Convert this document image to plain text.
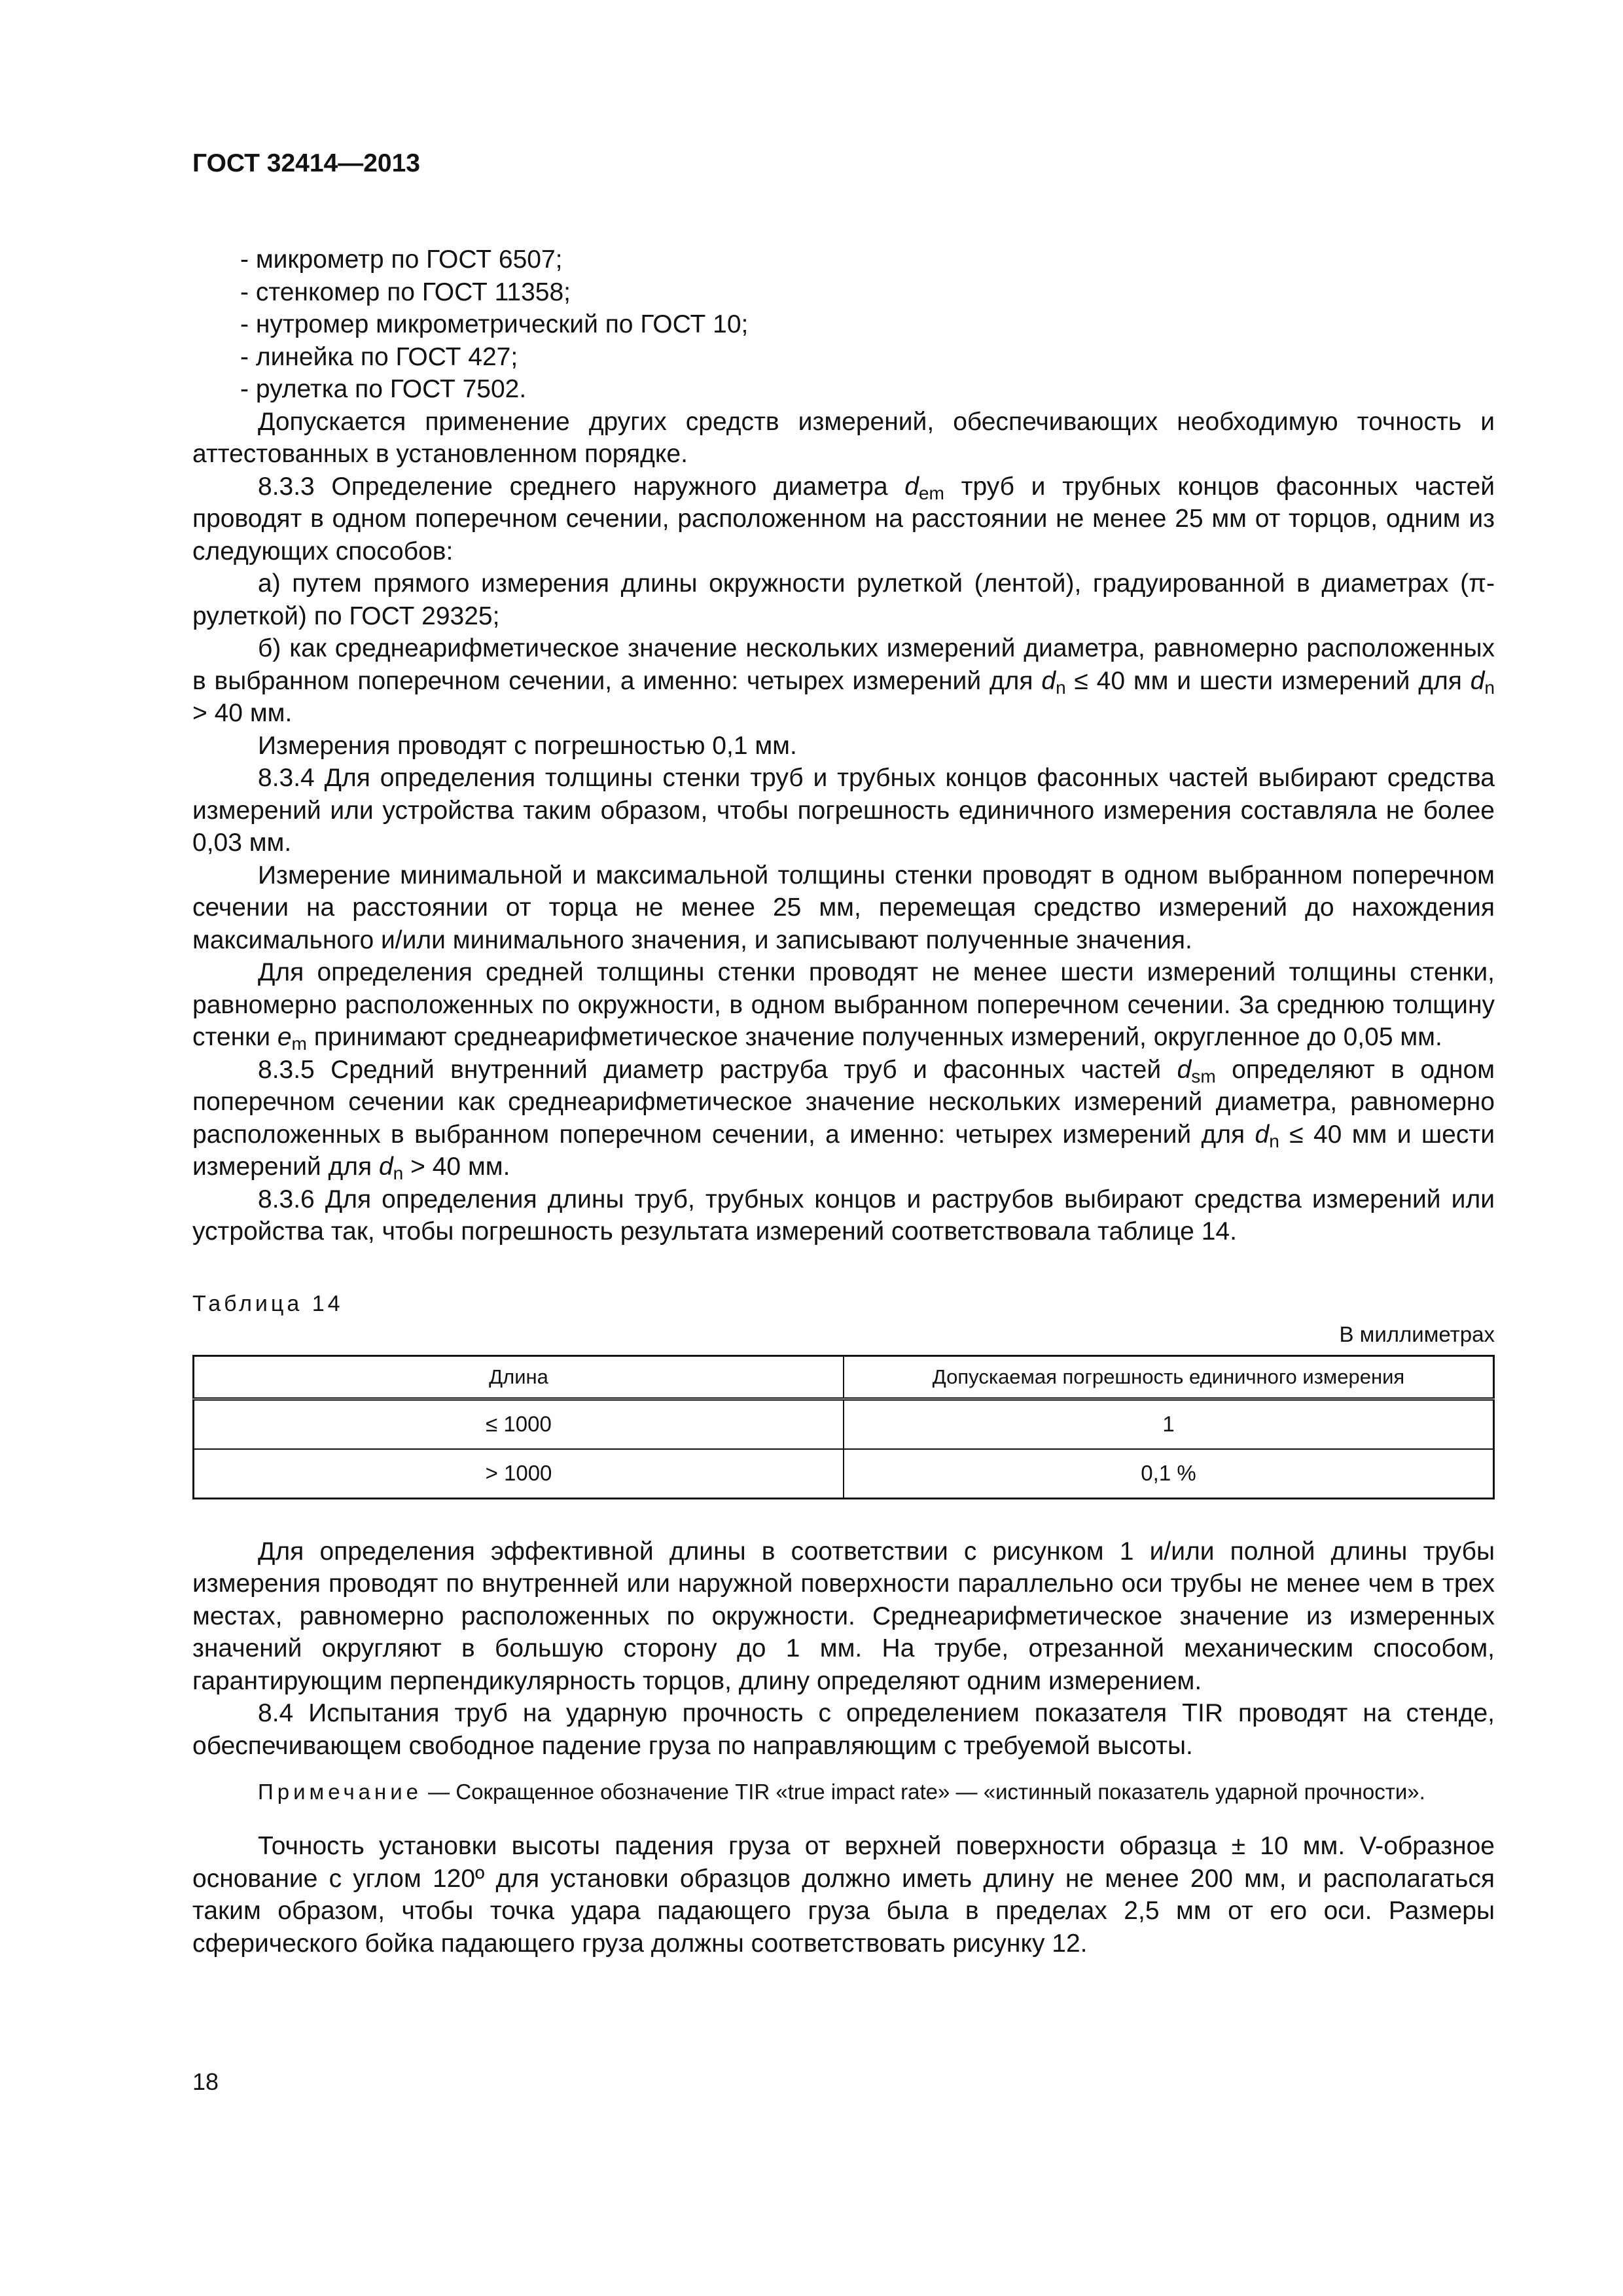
ГОСТ 32414—2013

- микрометр по ГОСТ 6507;

- стенкомер по ГОСТ 11358;

- нутромер микрометрический по ГОСТ 10;

- линейка по ГОСТ 427;

- рулетка по ГОСТ 7502.

Допускается применение других средств измерений, обеспечивающих необходимую точность и аттестованных в установленном порядке.

8.3.3 Определение среднего наружного диаметра $d_{em}$ труб и трубных концов фасонных частей проводят в одном поперечном сечении, расположенном на расстоянии не менее 25 мм от торцов, одним из следующих способов:

а) путем прямого измерения длины окружности рулеткой (лентой), градуированной в диаметрах (π-рулеткой) по ГОСТ 29325;

б) как среднеарифметическое значение нескольких измерений диаметра, равномерно расположенных в выбранном поперечном сечении, а именно: четырех измерений для $d_n \le 40$ мм и шести измерений для $d_n > 40$ мм.

Измерения проводят с погрешностью 0,1 мм.

8.3.4 Для определения толщины стенки труб и трубных концов фасонных частей выбирают средства измерений или устройства таким образом, чтобы погрешность единичного измерения составляла не более 0,03 мм.

Измерение минимальной и максимальной толщины стенки проводят в одном выбранном поперечном сечении на расстоянии от торца не менее 25 мм, перемещая средство измерений до нахождения максимального и/или минимального значения, и записывают полученные значения.

Для определения средней толщины стенки проводят не менее шести измерений толщины стенки, равномерно расположенных по окружности, в одном выбранном поперечном сечении. За среднюю толщину стенки $e_m$ принимают среднеарифметическое значение полученных измерений, округленное до 0,05 мм.

8.3.5 Средний внутренний диаметр раструба труб и фасонных частей $d_{sm}$ определяют в одном поперечном сечении как среднеарифметическое значение нескольких измерений диаметра, равномерно расположенных в выбранном поперечном сечении, а именно: четырех измерений для $d_n \le 40$ мм и шести измерений для $d_n > 40$ мм.

8.3.6 Для определения длины труб, трубных концов и раструбов выбирают средства измерений или устройства так, чтобы погрешность результата измерений соответствовала таблице 14.

Таблица 14
В миллиметрах
Длина	Допускаемая погрешность единичного измерения
≤ 1000	1
> 1000	0,1 %

Для определения эффективной длины в соответствии с рисунком 1 и/или полной длины трубы измерения проводят по внутренней или наружной поверхности параллельно оси трубы не менее чем в трех местах, равномерно расположенных по окружности. Среднеарифметическое значение из измеренных значений округляют в большую сторону до 1 мм. На трубе, отрезанной механическим способом, гарантирующим перпендикулярность торцов, длину определяют одним измерением.

8.4 Испытания труб на ударную прочность с определением показателя TIR проводят на стенде, обеспечивающем свободное падение груза по направляющим с требуемой высоты.

Примечание — Сокращенное обозначение TIR «true impact rate» — «истинный показатель ударной прочности».

Точность установки высоты падения груза от верхней поверхности образца ± 10 мм. V-образное основание с углом 120º для установки образцов должно иметь длину не менее 200 мм, и располагаться таким образом, чтобы точка удара падающего груза была в пределах 2,5 мм от его оси. Размеры сферического бойка падающего груза должны соответствовать рисунку 12.

18
